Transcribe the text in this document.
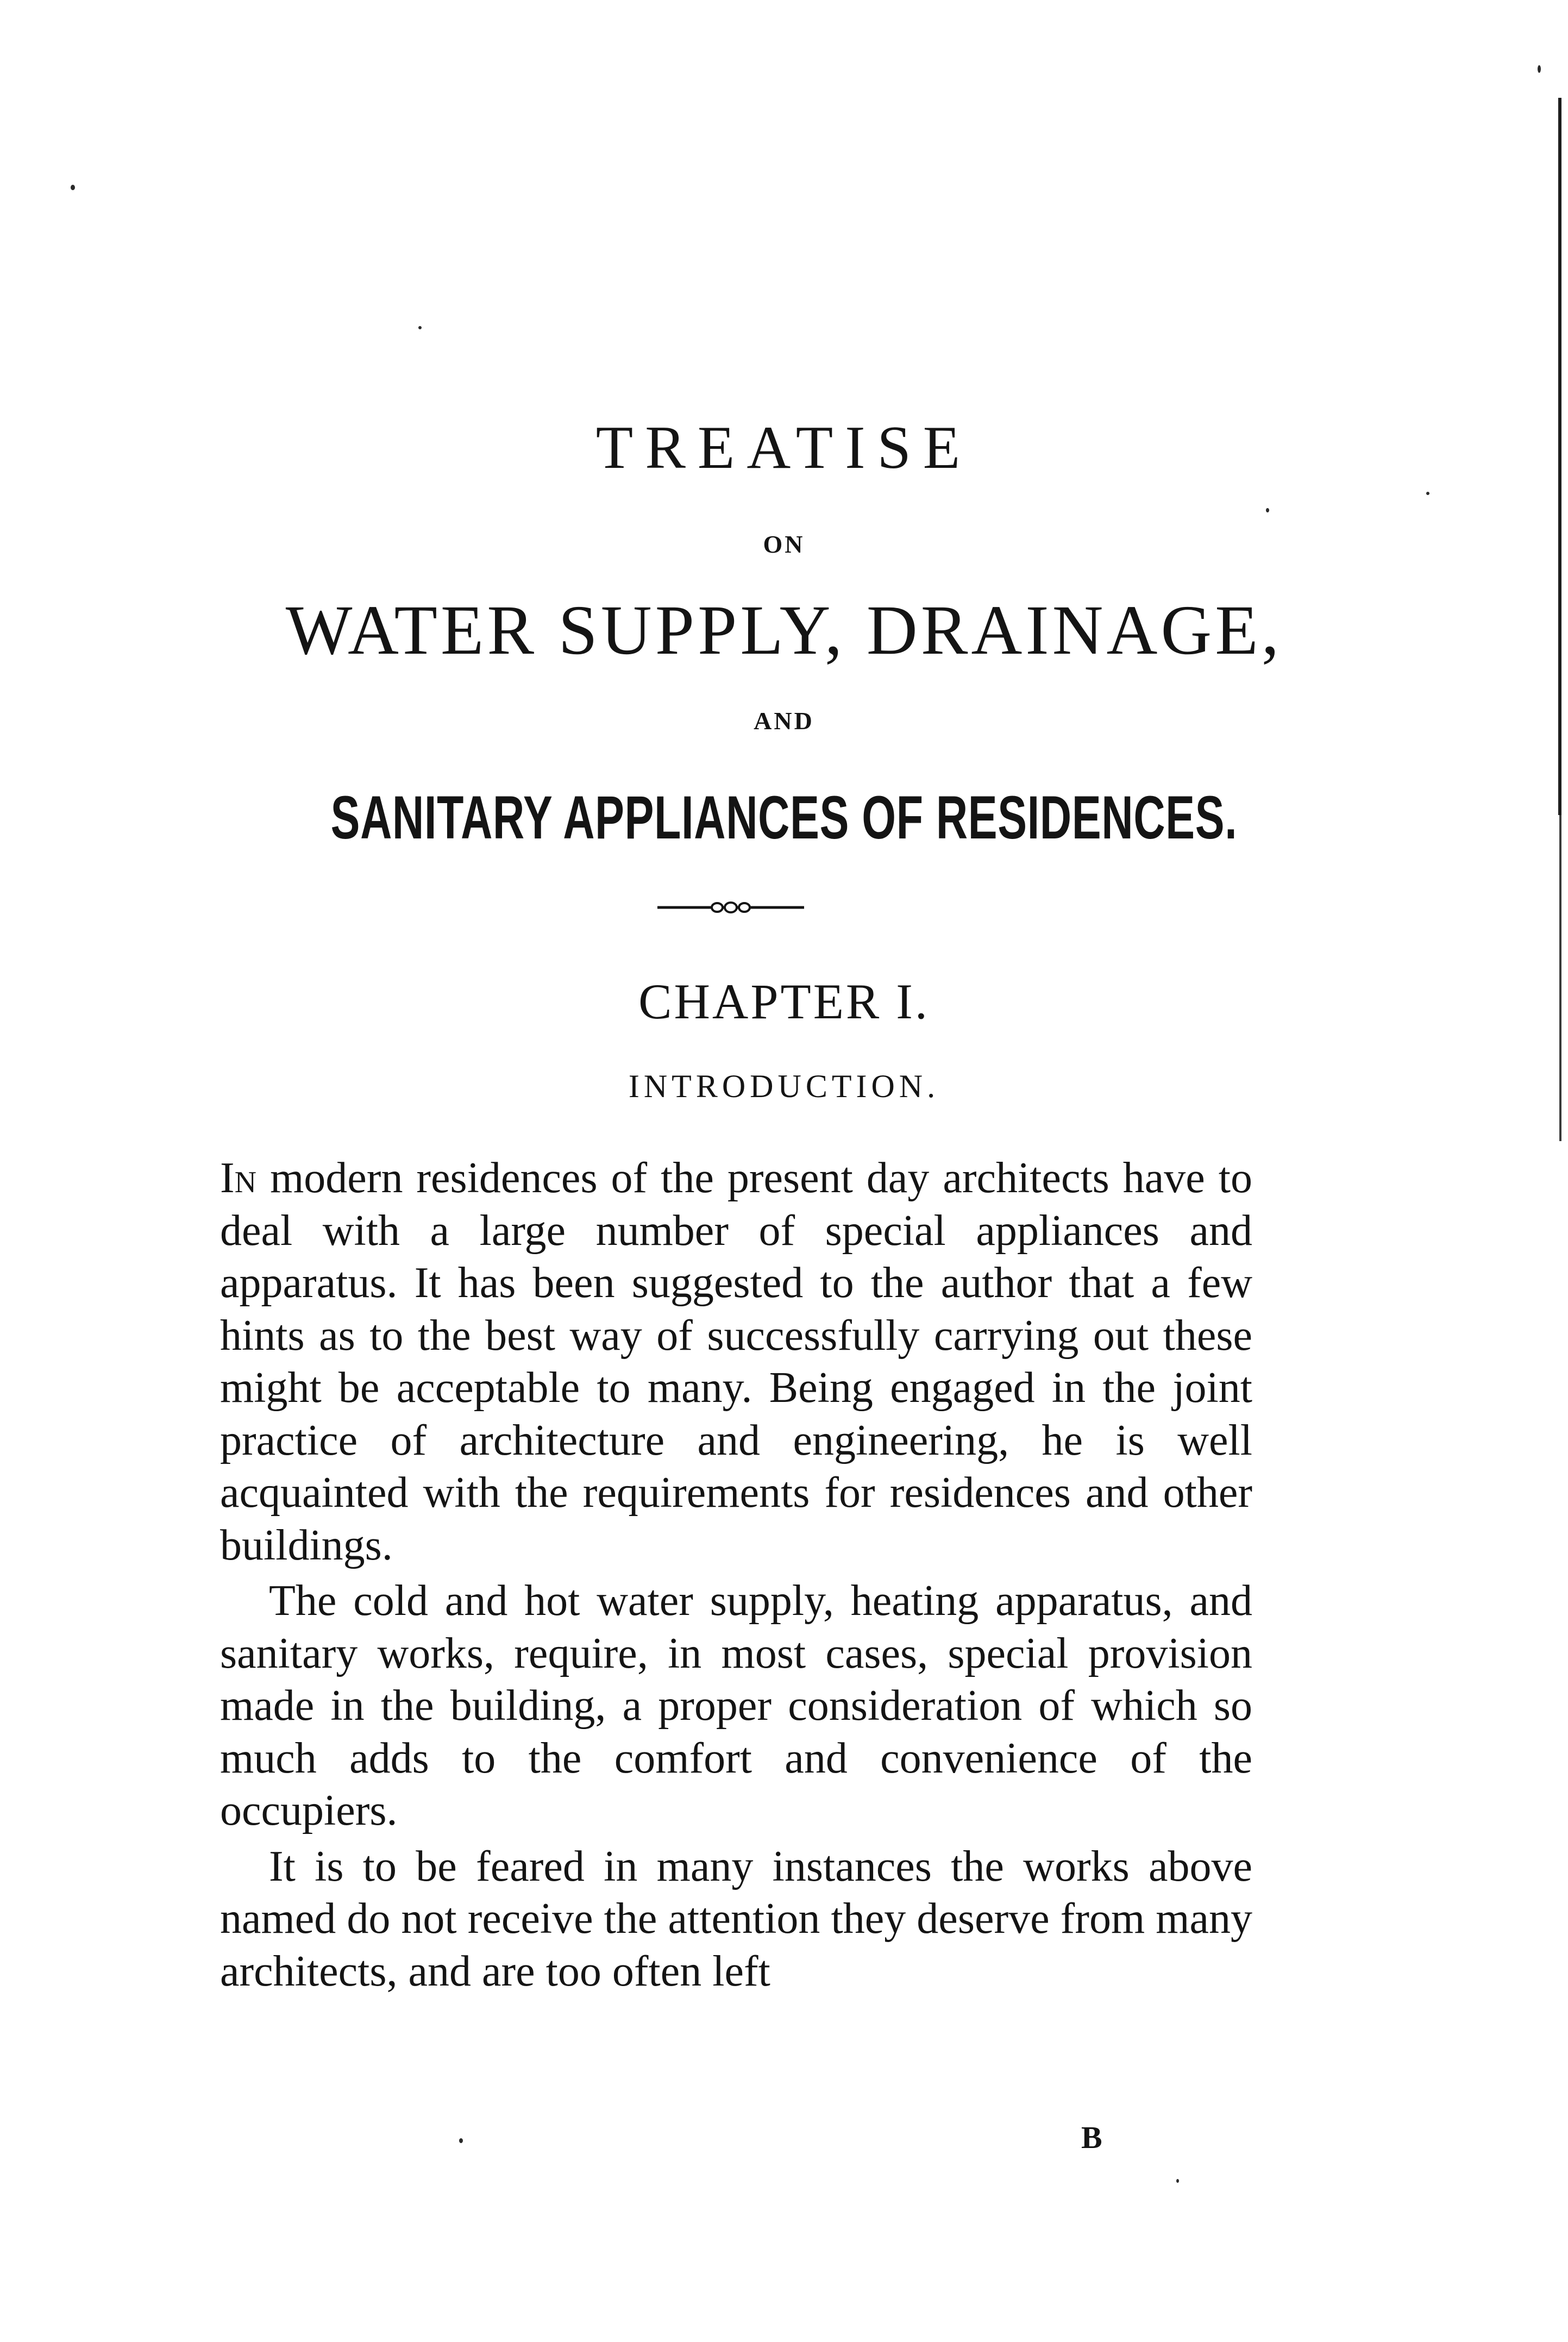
TREATISE
ON
WATER SUPPLY, DRAINAGE,
AND
SANITARY APPLIANCES OF RESIDENCES.
CHAPTER I.
INTRODUCTION.

In modern residences of the present day architects have to deal with a large number of special appliances and apparatus. It has been suggested to the author that a few hints as to the best way of successfully carrying out these might be acceptable to many. Being engaged in the joint practice of architecture and engineering, he is well acquainted with the requirements for residences and other buildings.

The cold and hot water supply, heating apparatus, and sanitary works, require, in most cases, special provision made in the building, a proper consideration of which so much adds to the comfort and convenience of the occupiers.

It is to be feared in many instances the works above named do not receive the attention they deserve from many architects, and are too often left

B
